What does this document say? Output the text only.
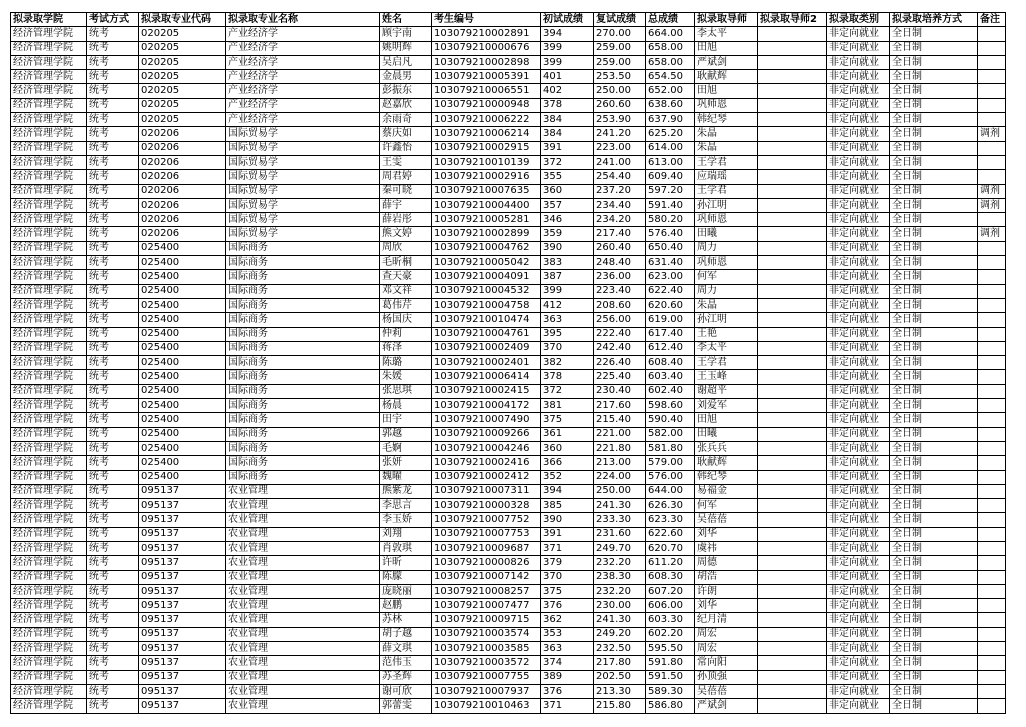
拟录取学院	考试方式	拟录取专业代码	拟录取专业名称	姓名	考生编号	初试成绩	复试成绩	总成绩	拟录取导师	拟录取导师2	拟录取类别	拟录取培养方式	备注
经济管理学院	统考	020205	产业经济学	顾宇南	103079210002891	394	270.00	664.00	李太平		非定向就业	全日制	
经济管理学院	统考	020205	产业经济学	姚明辉	103079210000676	399	259.00	658.00	田旭		非定向就业	全日制	
经济管理学院	统考	020205	产业经济学	吴启凡	103079210002898	399	259.00	658.00	严斌剑		非定向就业	全日制	
经济管理学院	统考	020205	产业经济学	金晨男	103079210005391	401	253.50	654.50	耿献辉		非定向就业	全日制	
经济管理学院	统考	020205	产业经济学	彭振东	103079210006551	402	250.00	652.00	田旭		非定向就业	全日制	
经济管理学院	统考	020205	产业经济学	赵嘉欣	103079210000948	378	260.60	638.60	巩师恩		非定向就业	全日制	
经济管理学院	统考	020205	产业经济学	余雨奇	103079210006222	384	253.90	637.90	韩纪琴		非定向就业	全日制	
经济管理学院	统考	020206	国际贸易学	蔡庆如	103079210006214	384	241.20	625.20	朱晶		非定向就业	全日制	调剂
经济管理学院	统考	020206	国际贸易学	许鑫怡	103079210002915	391	223.00	614.00	朱晶		非定向就业	全日制	
经济管理学院	统考	020206	国际贸易学	王雯	103079210010139	372	241.00	613.00	王学君		非定向就业	全日制	
经济管理学院	统考	020206	国际贸易学	周君婷	103079210002916	355	254.40	609.40	应瑞瑶		非定向就业	全日制	
经济管理学院	统考	020206	国际贸易学	秦可晓	103079210007635	360	237.20	597.20	王学君		非定向就业	全日制	调剂
经济管理学院	统考	020206	国际贸易学	薛宇	103079210004400	357	234.40	591.40	孙江明		非定向就业	全日制	调剂
经济管理学院	统考	020206	国际贸易学	薛岩彤	103079210005281	346	234.20	580.20	巩师恩		非定向就业	全日制	
经济管理学院	统考	020206	国际贸易学	熊文婷	103079210002899	359	217.40	576.40	田曦		非定向就业	全日制	调剂
经济管理学院	统考	025400	国际商务	周欣	103079210004762	390	260.40	650.40	周力		非定向就业	全日制	
经济管理学院	统考	025400	国际商务	毛昕桐	103079210005042	383	248.40	631.40	巩师恩		非定向就业	全日制	
经济管理学院	统考	025400	国际商务	查天豪	103079210004091	387	236.00	623.00	何军		非定向就业	全日制	
经济管理学院	统考	025400	国际商务	邓文祥	103079210004532	399	223.40	622.40	周力		非定向就业	全日制	
经济管理学院	统考	025400	国际商务	葛伟芹	103079210004758	412	208.60	620.60	朱晶		非定向就业	全日制	
经济管理学院	统考	025400	国际商务	杨国庆	103079210010474	363	256.00	619.00	孙江明		非定向就业	全日制	
经济管理学院	统考	025400	国际商务	仲莉	103079210004761	395	222.40	617.40	王艳		非定向就业	全日制	
经济管理学院	统考	025400	国际商务	蒋泽	103079210002409	370	242.40	612.40	李太平		非定向就业	全日制	
经济管理学院	统考	025400	国际商务	陈璐	103079210002401	382	226.40	608.40	王学君		非定向就业	全日制	
经济管理学院	统考	025400	国际商务	朱媛	103079210006414	378	225.40	603.40	王玉峰		非定向就业	全日制	
经济管理学院	统考	025400	国际商务	张思琪	103079210002415	372	230.40	602.40	谢超平		非定向就业	全日制	
经济管理学院	统考	025400	国际商务	杨晨	103079210004172	381	217.60	598.60	刘爱军		非定向就业	全日制	
经济管理学院	统考	025400	国际商务	田宇	103079210007490	375	215.40	590.40	田旭		非定向就业	全日制	
经济管理学院	统考	025400	国际商务	郭越	103079210009266	361	221.00	582.00	田曦		非定向就业	全日制	
经济管理学院	统考	025400	国际商务	毛婀	103079210004246	360	221.80	581.80	张兵兵		非定向就业	全日制	
经济管理学院	统考	025400	国际商务	张妍	103079210002416	366	213.00	579.00	耿献辉		非定向就业	全日制	
经济管理学院	统考	025400	国际商务	魏曜	103079210002412	352	224.00	576.00	韩纪琴		非定向就业	全日制	
经济管理学院	统考	095137	农业管理	熊紫龙	103079210007311	394	250.00	644.00	易福金		非定向就业	全日制	
经济管理学院	统考	095137	农业管理	李思言	103079210000328	385	241.30	626.30	何军		非定向就业	全日制	
经济管理学院	统考	095137	农业管理	李玉娇	103079210007752	390	233.30	623.30	吴蓓蓓		非定向就业	全日制	
经济管理学院	统考	095137	农业管理	刘翔	103079210007753	391	231.60	622.60	刘华		非定向就业	全日制	
经济管理学院	统考	095137	农业管理	肖敦琪	103079210009687	371	249.70	620.70	虞祎		非定向就业	全日制	
经济管理学院	统考	095137	农业管理	许昕	103079210000826	379	232.20	611.20	周德		非定向就业	全日制	
经济管理学院	统考	095137	农业管理	陈朦	103079210007142	370	238.30	608.30	胡浩		非定向就业	全日制	
经济管理学院	统考	095137	农业管理	庞晓丽	103079210008257	375	232.20	607.20	许朗		非定向就业	全日制	
经济管理学院	统考	095137	农业管理	赵鹏	103079210007477	376	230.00	606.00	刘华		非定向就业	全日制	
经济管理学院	统考	095137	农业管理	苏林	103079210009715	362	241.30	603.30	纪月清		非定向就业	全日制	
经济管理学院	统考	095137	农业管理	胡子越	103079210003574	353	249.20	602.20	周宏		非定向就业	全日制	
经济管理学院	统考	095137	农业管理	薛文琪	103079210003585	363	232.50	595.50	周宏		非定向就业	全日制	
经济管理学院	统考	095137	农业管理	范伟玉	103079210003572	374	217.80	591.80	常向阳		非定向就业	全日制	
经济管理学院	统考	095137	农业管理	苏圣辉	103079210007755	389	202.50	591.50	孙顶强		非定向就业	全日制	
经济管理学院	统考	095137	农业管理	谢可欣	103079210007937	376	213.30	589.30	吴蓓蓓		非定向就业	全日制	
经济管理学院	统考	095137	农业管理	郭蕾雯	103079210010463	371	215.80	586.80	严斌剑		非定向就业	全日制	
